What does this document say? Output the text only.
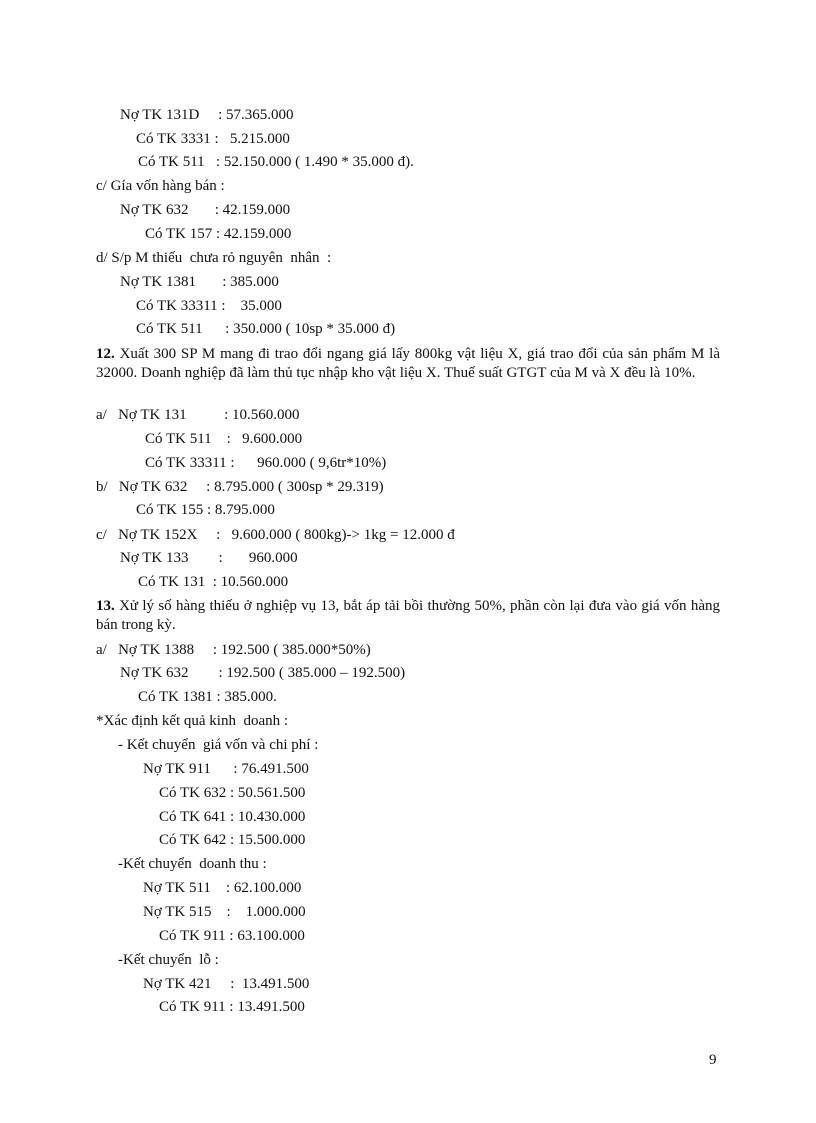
Nợ TK 131D     : 57.365.000
Có TK 3331 :   5.215.000
Có TK 511   : 52.150.000 ( 1.490 * 35.000 đ).
c/ Gía vốn hàng bán :
Nợ TK 632       : 42.159.000
Có TK 157 : 42.159.000
d/ S/p M thiếu  chưa rỏ nguyên  nhân  :
Nợ TK 1381       : 385.000
Có TK 33311 :    35.000
Có TK 511      : 350.000 ( 10sp * 35.000 đ)
12. Xuất 300 SP M mang đi trao đổi ngang giá lấy 800kg vật liệu X, giá trao đổi của sản phẩm M là 32000. Doanh nghiệp đã làm thủ tục nhập kho vật liệu X. Thuế suất GTGT của M và X đều là 10%.
a/   Nợ TK 131          : 10.560.000
Có TK 511    :   9.600.000
Có TK 33311 :      960.000 ( 9,6tr*10%)
b/   Nợ TK 632     : 8.795.000 ( 300sp * 29.319)
Có TK 155 : 8.795.000
c/   Nợ TK 152X     :   9.600.000 ( 800kg)-> 1kg = 12.000 đ
Nợ TK 133        :       960.000
Có TK 131  : 10.560.000
13. Xử lý số hàng thiếu ở nghiệp vụ 13, bắt áp tải bồi thường 50%, phần còn lại đưa vào giá vốn hàng bán trong kỳ.
a/   Nợ TK 1388     : 192.500 ( 385.000*50%)
Nợ TK 632        : 192.500 ( 385.000 – 192.500)
Có TK 1381 : 385.000.
*Xác định kết quả kinh  doanh :
- Kết chuyển  giá vốn và chi phí :
Nợ TK 911      : 76.491.500
Có TK 632 : 50.561.500
Có TK 641 : 10.430.000
Có TK 642 : 15.500.000
-Kết chuyển  doanh thu :
Nợ TK 511    : 62.100.000
Nợ TK 515    :    1.000.000
Có TK 911 : 63.100.000
-Kết chuyển  lỗ :
Nợ TK 421     :  13.491.500
Có TK 911 : 13.491.500
9
